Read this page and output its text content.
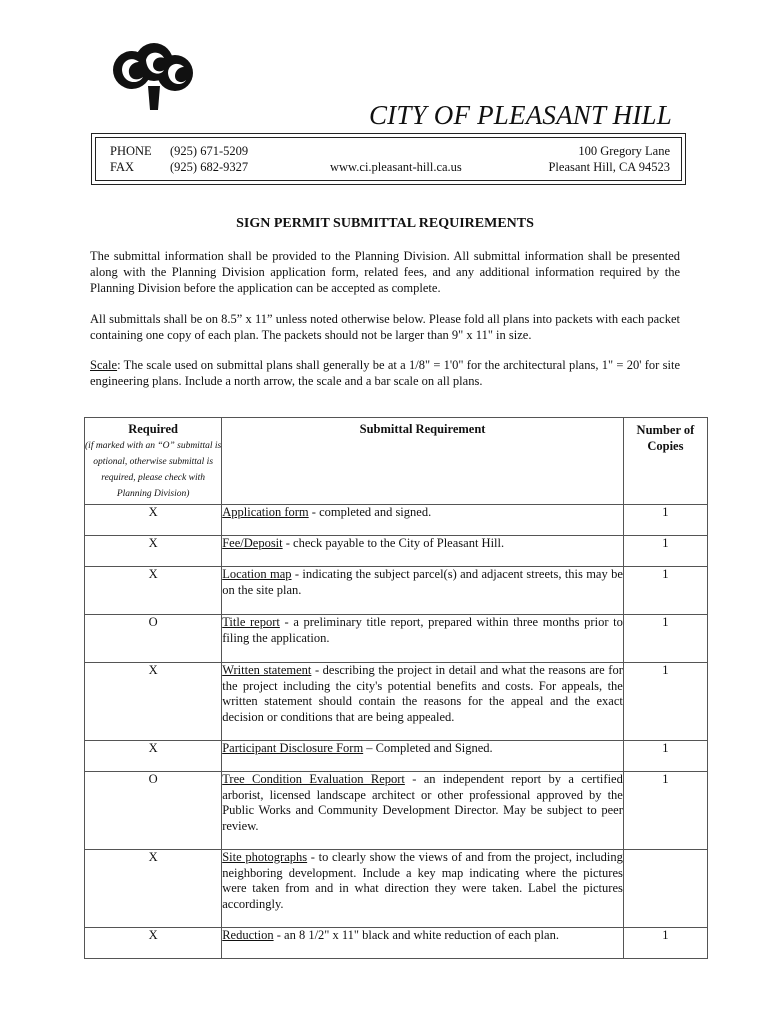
CITY OF PLEASANT HILL
PHONE (925) 671-5209
FAX	(925) 682-9327	www.ci.pleasant-hill.ca.us
100 Gregory Lane
Pleasant Hill, CA 94523
SIGN PERMIT SUBMITTAL REQUIREMENTS

The submittal information shall be provided to the Planning Division. All submittal information shall be presented along with the Planning Division application form, related fees, and any additional information required by the Planning Division before the application can be accepted as complete.

All submittals shall be on 8.5” x 11” unless noted otherwise below. Please fold all plans into packets with each packet containing one copy of each plan. The packets should not be larger than 9" x 11" in size.

Scale: The scale used on submittal plans shall generally be at a 1/8" = 1'0" for the architectural plans, 1" = 20' for site engineering plans. Include a north arrow, the scale and a bar scale on all plans.

Required
(if marked with an “O” submittal is optional, otherwise submittal is required, please check with Planning Division)	Submittal Requirement	Number of Copies

X	Application form - completed and signed.	1
X	Fee/Deposit - check payable to the City of Pleasant Hill.	1
X	Location map - indicating the subject parcel(s) and adjacent streets, this may be on the site plan.	1
O	Title report - a preliminary title report, prepared within three months prior to filing the application.	1
X	Written statement - describing the project in detail and what the reasons are for the project including the city's potential benefits and costs. For appeals, the written statement should contain the reasons for the appeal and the exact decision or conditions that are being appealed.	1
X	Participant Disclosure Form – Completed and Signed.	1
O	Tree Condition Evaluation Report - an independent report by a certified arborist, licensed landscape architect or other professional approved by the Public Works and Community Development Director. May be subject to peer review.	1
X	Site photographs - to clearly show the views of and from the project, including neighboring development. Include a key map indicating where the pictures were taken from and in what direction they were taken. Label the pictures accordingly.	
X	Reduction - an 8 1/2" x 11" black and white reduction of each plan.	1
